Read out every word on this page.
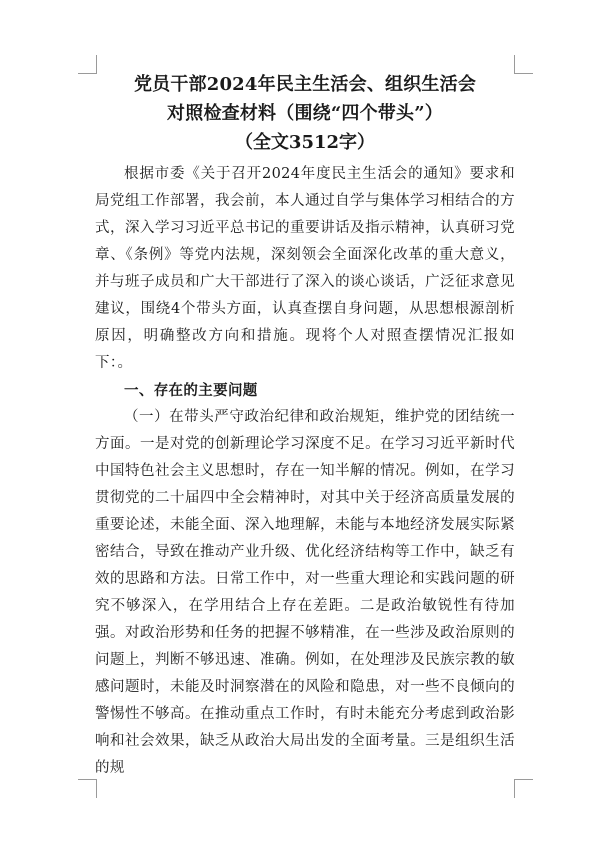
党员干部2024年民主生活会、组织生活会
对照检查材料（围绕“四个带头”）
（全文3512字）

根据市委《关于召开2024年度民主生活会的通知》要求和局党组工作部署，我会前，本人通过自学与集体学习相结合的方式，深入学习习近平总书记的重要讲话及指示精神，认真研习党章、《条例》等党内法规，深刻领会全面深化改革的重大意义，并与班子成员和广大干部进行了深入的谈心谈话，广泛征求意见建议，围绕4个带头方面，认真查摆自身问题，从思想根源剖析原因，明确整改方向和措施。现将个人对照查摆情况汇报如下：。

一、存在的主要问题

（一）在带头严守政治纪律和政治规矩，维护党的团结统一方面。一是对党的创新理论学习深度不足。在学习习近平新时代中国特色社会主义思想时，存在一知半解的情况。例如，在学习贯彻党的二十届四中全会精神时，对其中关于经济高质量发展的重要论述，未能全面、深入地理解，未能与本地经济发展实际紧密结合，导致在推动产业升级、优化经济结构等工作中，缺乏有效的思路和方法。日常工作中，对一些重大理论和实践问题的研究不够深入，在学用结合上存在差距。二是政治敏锐性有待加强。对政治形势和任务的把握不够精准，在一些涉及政治原则的问题上，判断不够迅速、准确。例如，在处理涉及民族宗教的敏感问题时，未能及时洞察潜在的风险和隐患，对一些不良倾向的警惕性不够高。在推动重点工作时，有时未能充分考虑到政治影响和社会效果，缺乏从政治大局出发的全面考量。三是组织生活的规
